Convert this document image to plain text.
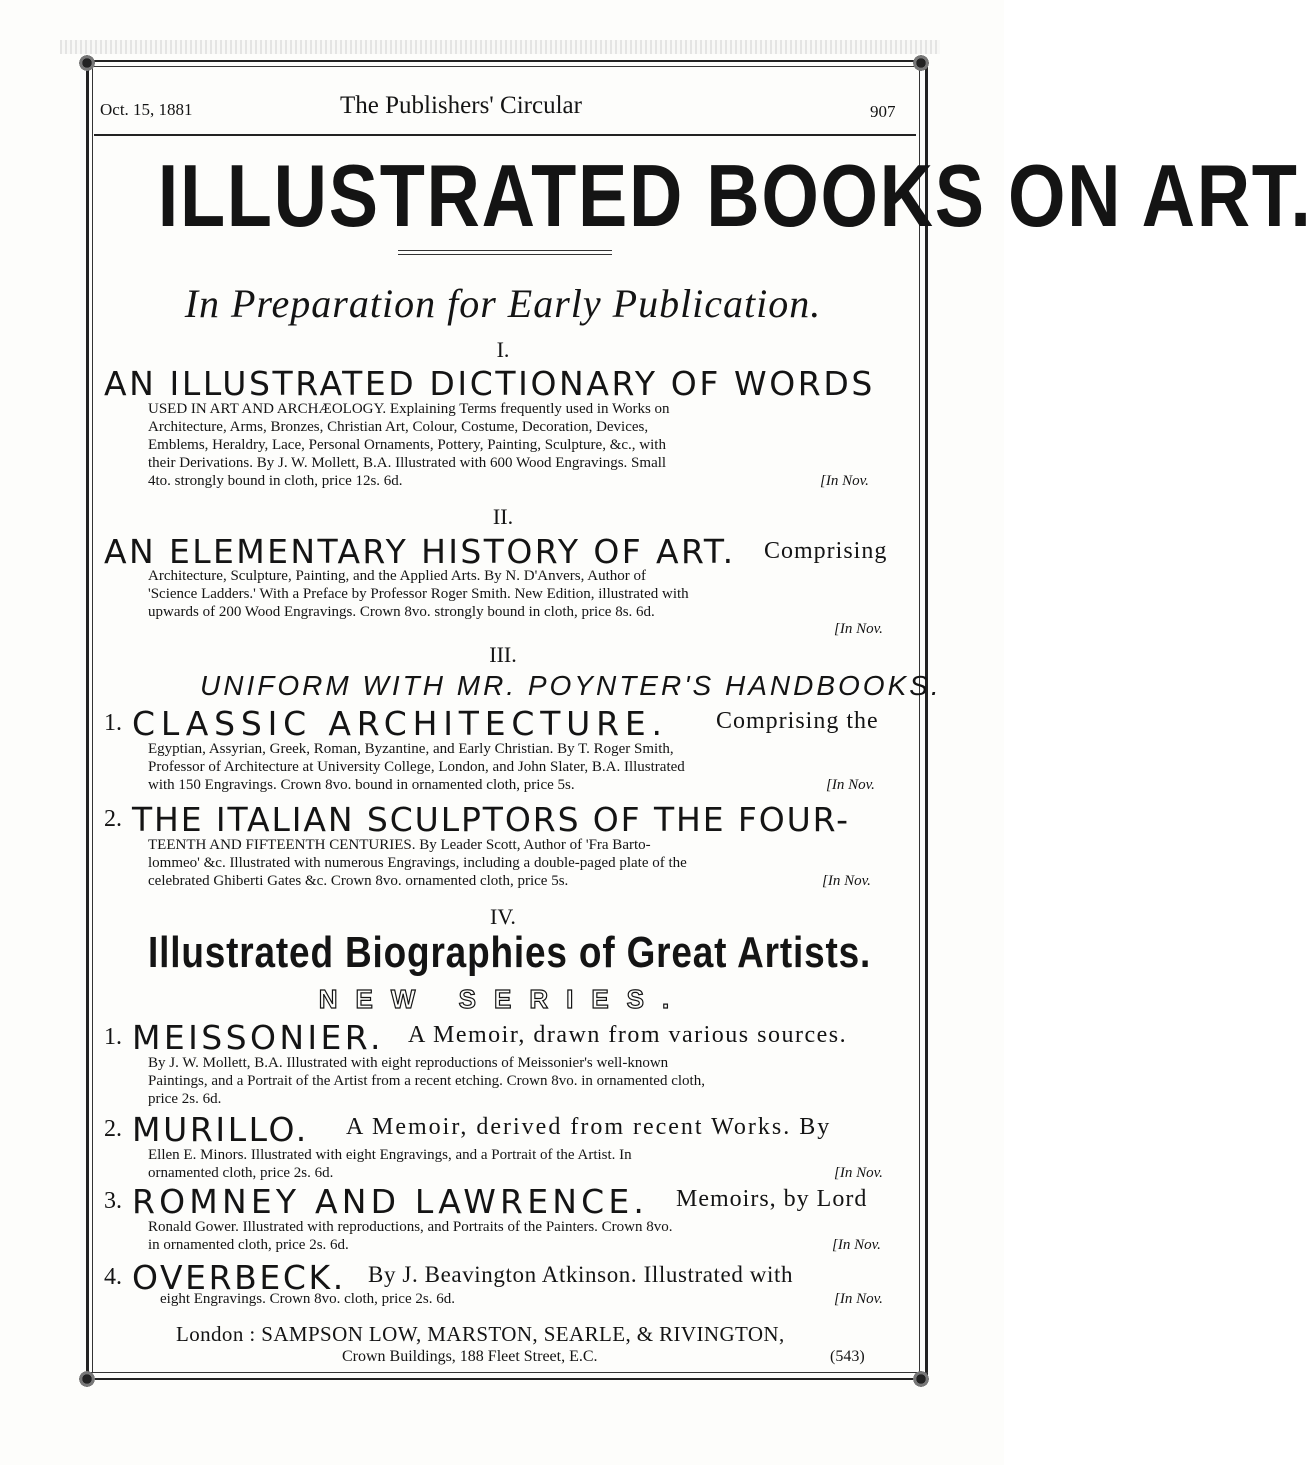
Oct. 15, 1881	The Publishers' Circular	907

ILLUSTRATED BOOKS ON ART.

In Preparation for Early Publication.

I.

AN ILLUSTRATED DICTIONARY OF WORDS

USED IN ART AND ARCHÆOLOGY. Explaining Terms frequently used in Works on
Architecture, Arms, Bronzes, Christian Art, Colour, Costume, Decoration, Devices,
Emblems, Heraldry, Lace, Personal Ornaments, Pottery, Painting, Sculpture, &c., with
their Derivations. By J. W. Mollett, B.A. Illustrated with 600 Wood Engravings. Small
4to. strongly bound in cloth, price 12s. 6d.	[In Nov.

II.

AN ELEMENTARY HISTORY OF ART. Comprising

Architecture, Sculpture, Painting, and the Applied Arts. By N. D'Anvers, Author of
'Science Ladders.' With a Preface by Professor Roger Smith. New Edition, illustrated with
upwards of 200 Wood Engravings. Crown 8vo. strongly bound in cloth, price 8s. 6d.

[In Nov.

III.

UNIFORM WITH MR. POYNTER'S HANDBOOKS.

1. CLASSIC ARCHITECTURE. Comprising the

Egyptian, Assyrian, Greek, Roman, Byzantine, and Early Christian. By T. Roger Smith,
Professor of Architecture at University College, London, and John Slater, B.A. Illustrated
with 150 Engravings. Crown 8vo. bound in ornamented cloth, price 5s.	[In Nov.

2. THE ITALIAN SCULPTORS OF THE FOUR-

TEENTH AND FIFTEENTH CENTURIES. By Leader Scott, Author of 'Fra Barto-
lommeo' &c. Illustrated with numerous Engravings, including a double-paged plate of the
celebrated Ghiberti Gates &c. Crown 8vo. ornamented cloth, price 5s.	[In Nov.

IV.

Illustrated Biographies of Great Artists.

NEW SERIES.

1. MEISSONIER. A Memoir, drawn from various sources.

By J. W. Mollett, B.A. Illustrated with eight reproductions of Meissonier's well-known
Paintings, and a Portrait of the Artist from a recent etching. Crown 8vo. in ornamented cloth,
price 2s. 6d.

2. MURILLO. A Memoir, derived from recent Works. By

Ellen E. Minors. Illustrated with eight Engravings, and a Portrait of the Artist. In
ornamented cloth, price 2s. 6d.	[In Nov.

3. ROMNEY AND LAWRENCE. Memoirs, by Lord

Ronald Gower. Illustrated with reproductions, and Portraits of the Painters. Crown 8vo.
in ornamented cloth, price 2s. 6d.	[In Nov.

4. OVERBECK. By J. Beavington Atkinson. Illustrated with

eight Engravings. Crown 8vo. cloth, price 2s. 6d.	[In Nov.

London : SAMPSON LOW, MARSTON, SEARLE, & RIVINGTON,

Crown Buildings, 188 Fleet Street, E.C.	(543)
